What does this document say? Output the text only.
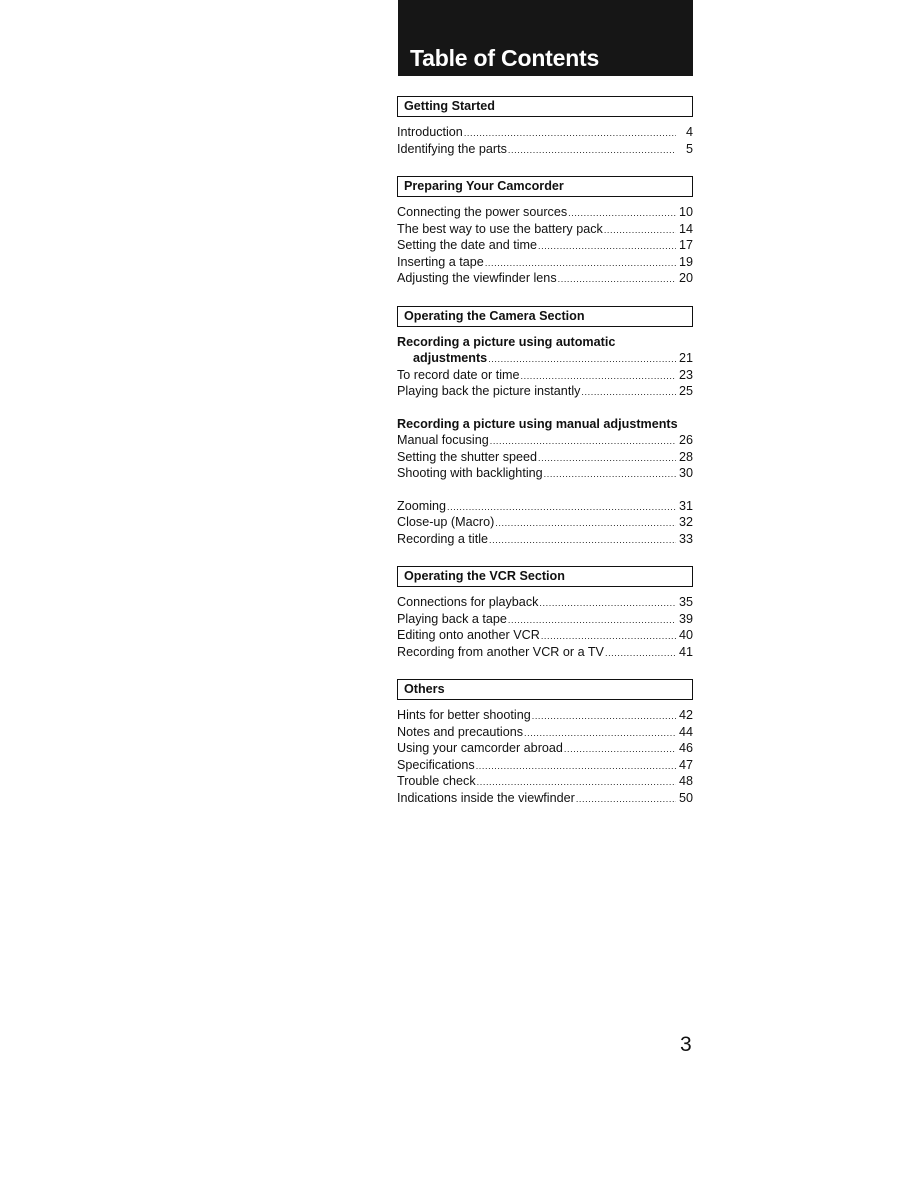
Table of Contents
Getting Started
Introduction .....	4
Identifying the parts .....	5
Preparing Your Camcorder
Connecting the power sources .....	10
The best way to use the battery pack .....	14
Setting the date and time .....	17
Inserting a tape .....	19
Adjusting the viewfinder lens .....	20
Operating the Camera Section
Recording a picture using automatic
adjustments .....	21
To record date or time .....	23
Playing back the picture instantly .....	25
Recording a picture using manual adjustments
Manual focusing .....	26
Setting the shutter speed .....	28
Shooting with backlighting .....	30
Zooming .....	31
Close-up (Macro) .....	32
Recording a title .....	33
Operating the VCR Section
Connections for playback .....	35
Playing back a tape .....	39
Editing onto another VCR .....	40
Recording from another VCR or a TV .....	41
Others
Hints for better shooting .....	42
Notes and precautions .....	44
Using your camcorder abroad .....	46
Specifications .....	47
Trouble check .....	48
Indications inside the viewfinder .....	50
3
